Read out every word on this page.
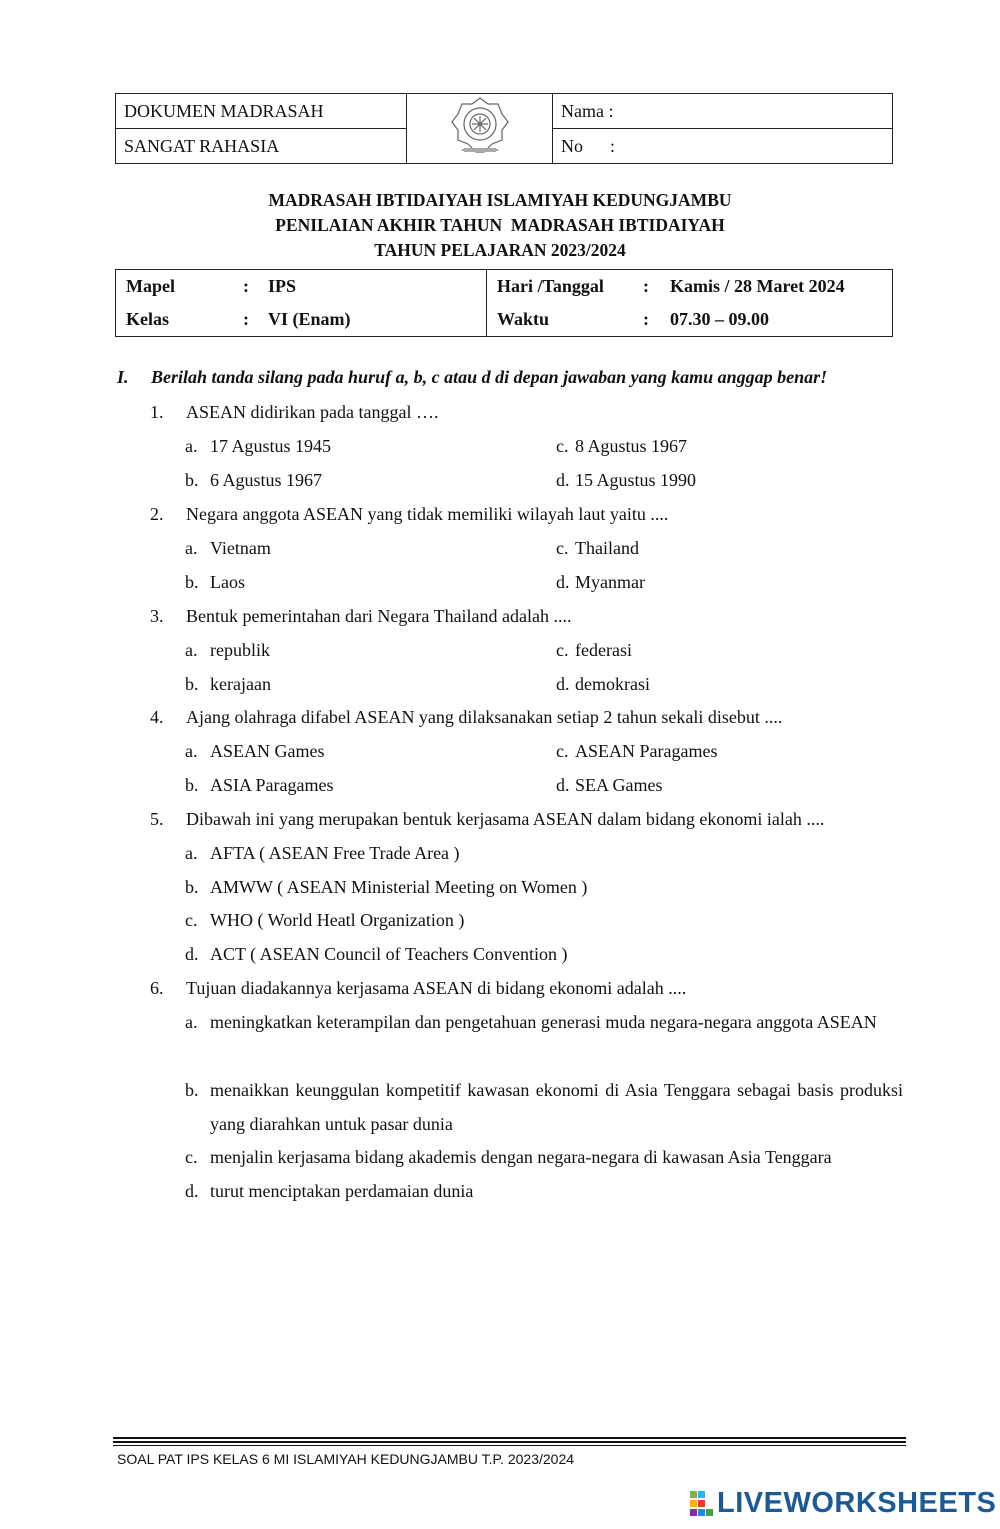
DOKUMEN MADRASAH		Nama :
SANGAT RAHASIA		No      :
MADRASAH IBTIDAIYAH ISLAMIYAH KEDUNGJAMBU
PENILAIAN AKHIR TAHUN  MADRASAH IBTIDAIYAH
TAHUN PELAJARAN 2023/2024
Mapel : IPS	Hari /Tanggal : Kamis / 28 Maret 2024

Kelas : VI (Enam)	Waktu : 07.30 – 09.00
I. Berilah tanda silang pada huruf a, b, c atau d di depan jawaban yang kamu anggap benar!
1. ASEAN didirikan pada tanggal ….
a. 17 Agustus 1945	c. 8 Agustus 1967
b. 6 Agustus 1967	d. 15 Agustus 1990
2. Negara anggota ASEAN yang tidak memiliki wilayah laut yaitu ....
a. Vietnam	c. Thailand
b. Laos	d. Myanmar
3. Bentuk pemerintahan dari Negara Thailand adalah ....
a. republik	c. federasi
b. kerajaan	d. demokrasi
4. Ajang olahraga difabel ASEAN yang dilaksanakan setiap 2 tahun sekali disebut ....
a. ASEAN Games	c. ASEAN Paragames
b. ASIA Paragames	d. SEA Games
5. Dibawah ini yang merupakan bentuk kerjasama ASEAN dalam bidang ekonomi ialah ....
a. AFTA ( ASEAN Free Trade Area )
b. AMWW ( ASEAN Ministerial Meeting on Women )
c. WHO ( World Heatl Organization )
d. ACT ( ASEAN Council of Teachers Convention )
6. Tujuan diadakannya kerjasama ASEAN di bidang ekonomi adalah ....
a. meningkatkan keterampilan dan pengetahuan generasi muda negara-negara anggota ASEAN
b. menaikkan keunggulan kompetitif kawasan ekonomi di Asia Tenggara sebagai basis produksi yang diarahkan untuk pasar dunia
c. menjalin kerjasama bidang akademis dengan negara-negara di kawasan Asia Tenggara
d. turut menciptakan perdamaian dunia
SOAL PAT IPS KELAS 6 MI ISLAMIYAH KEDUNGJAMBU T.P. 2023/2024
LIVEWORKSHEETS
